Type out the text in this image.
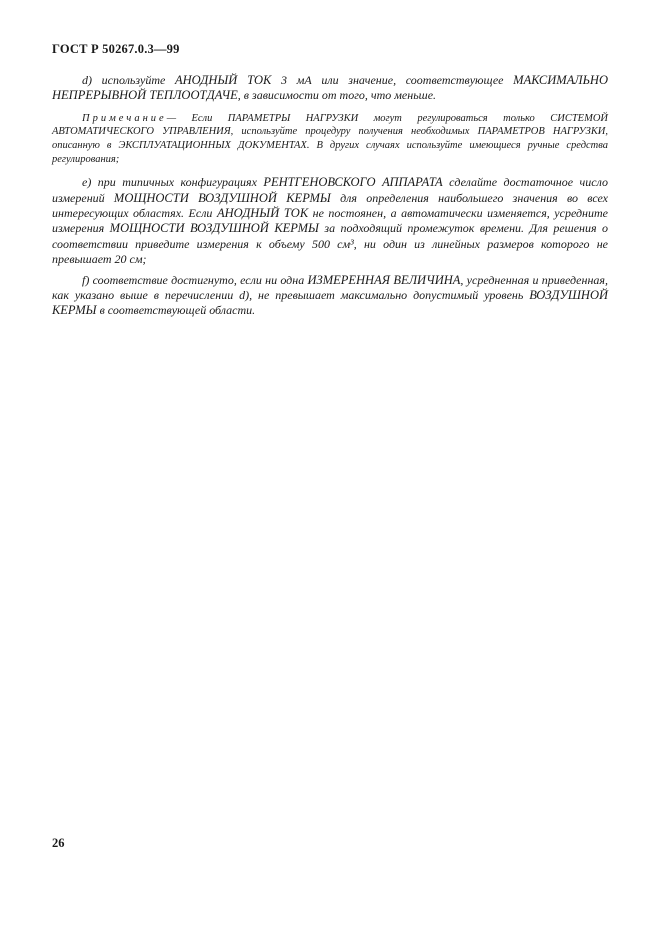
ГОСТ Р 50267.0.3—99

d) используйте АНОДНЫЙ ТОК 3 мА или значение, соответствующее МАКСИМАЛЬНО НЕПРЕРЫВНОЙ ТЕПЛООТДАЧЕ, в зависимости от того, что меньше.

Примечание— Если ПАРАМЕТРЫ НАГРУЗКИ могут регулироваться только СИСТЕМОЙ АВТОМАТИЧЕСКОГО УПРАВЛЕНИЯ, используйте процедуру получения необходимых ПАРАМЕТРОВ НАГРУЗКИ, описанную в ЭКСПЛУАТАЦИОННЫХ ДОКУМЕНТАХ. В других случаях используйте имеющиеся ручные средства регулирования;

e) при типичных конфигурациях РЕНТГЕНОВСКОГО АППАРАТА сделайте достаточное число измерений МОЩНОСТИ ВОЗДУШНОЙ КЕРМЫ для определения наибольшего значения во всех интересующих областях. Если АНОДНЫЙ ТОК не постоянен, а автоматически изменяется, усредните измерения МОЩНОСТИ ВОЗДУШНОЙ КЕРМЫ за подходящий промежуток времени. Для решения о соответствии приведите измерения к объему 500 см³, ни один из линейных размеров которого не превышает 20 см;

f) соответствие достигнуто, если ни одна ИЗМЕРЕННАЯ ВЕЛИЧИНА, усредненная и приведенная, как указано выше в перечислении d), не превышает максимально допустимый уровень ВОЗДУШНОЙ КЕРМЫ в соответствующей области.

26
